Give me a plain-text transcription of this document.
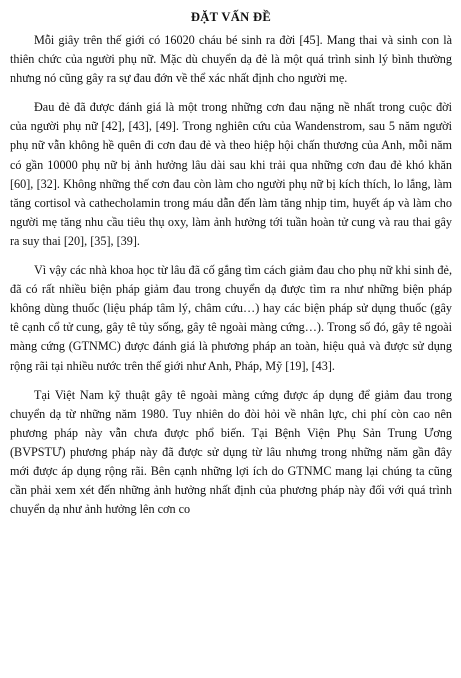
ĐẶT VẤN ĐỀ

Mỗi giây trên thế giới có 16020 cháu bé sinh ra đời [45]. Mang thai và sinh con là thiên chức của người phụ nữ. Mặc dù chuyển dạ đẻ là một quá trình sinh lý bình thường nhưng nó cũng gây ra sự đau đớn về thể xác nhất định cho người mẹ.

Đau đẻ đã được đánh giá là một trong những cơn đau nặng nề nhất trong cuộc đời của người phụ nữ [42], [43], [49]. Trong nghiên cứu của Wandenstrom, sau 5 năm người phụ nữ vẫn không hề quên đi cơn đau đẻ và theo hiệp hội chấn thương của Anh, mỗi năm có gần 10000 phụ nữ bị ảnh hưởng lâu dài sau khi trải qua những cơn đau đẻ khó khăn [60], [32]. Không những thế cơn đau còn làm cho người phụ nữ bị kích thích, lo lắng, làm tăng cortisol và cathecholamin trong máu dẫn đến làm tăng nhịp tim, huyết áp và làm cho người mẹ tăng nhu cầu tiêu thụ oxy, làm ảnh hưởng tới tuần hoàn tử cung và rau thai gây ra suy thai [20], [35], [39].

Vì vậy các nhà khoa học từ lâu đã cố gắng tìm cách giảm đau cho phụ nữ khi sinh đẻ, đã có rất nhiều biện pháp giảm đau trong chuyển dạ được tìm ra như những biện pháp không dùng thuốc (liệu pháp tâm lý, châm cứu…) hay các biện pháp sử dụng thuốc (gây tê cạnh cổ tử cung, gây tê tủy sống, gây tê ngoài màng cứng…). Trong số đó, gây tê ngoài màng cứng (GTNMC) được đánh giá là phương pháp an toàn, hiệu quả và được sử dụng rộng rãi tại nhiều nước trên thế giới như Anh, Pháp, Mỹ [19], [43].

Tại Việt Nam kỹ thuật gây tê ngoài màng cứng được áp dụng để giảm đau trong chuyển dạ từ những năm 1980. Tuy nhiên do đòi hỏi về nhân lực, chi phí còn cao nên phương pháp này vẫn chưa được phổ biến. Tại Bệnh Viện Phụ Sản Trung Ương (BVPSTƯ) phương pháp này đã được sử dụng từ lâu nhưng trong những năm gần đây mới được áp dụng rộng rãi. Bên cạnh những lợi ích do GTNMC mang lại chúng ta cũng cần phải xem xét đến những ảnh hưởng nhất định của phương pháp này đối với quá trình chuyển dạ như ảnh hưởng lên cơn co
